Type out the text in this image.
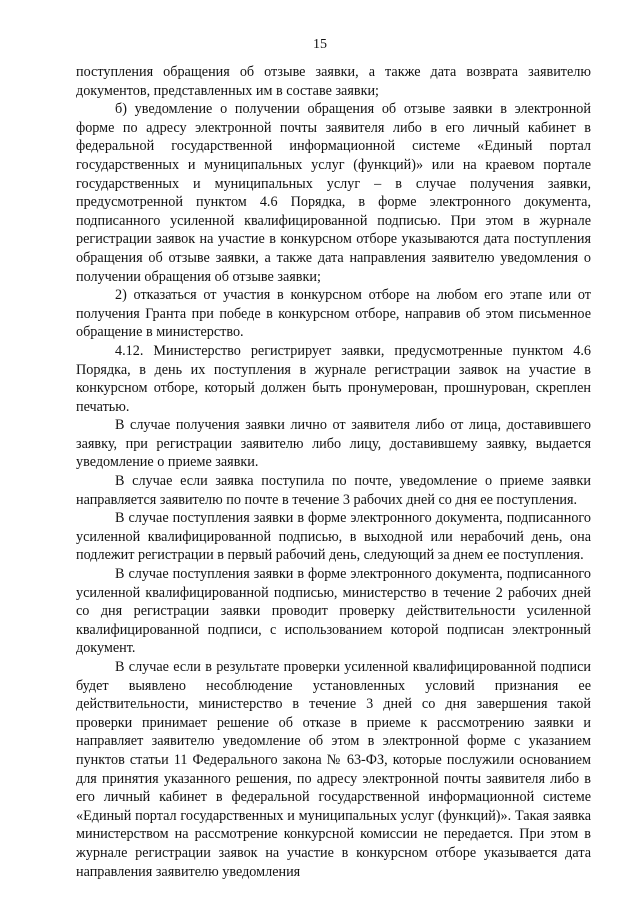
15

поступления обращения об отзыве заявки, а также дата возврата заявителю документов, представленных им в составе заявки;

б) уведомление о получении обращения об отзыве заявки в электронной форме по адресу электронной почты заявителя либо в его личный кабинет в федеральной государственной информационной системе «Единый портал государственных и муниципальных услуг (функций)» или на краевом портале государственных и муниципальных услуг – в случае получения заявки, предусмотренной пунктом 4.6 Порядка, в форме электронного документа, подписанного усиленной квалифицированной подписью. При этом в журнале регистрации заявок на участие в конкурсном отборе указываются дата поступления обращения об отзыве заявки, а также дата направления заявителю уведомления о получении обращения об отзыве заявки;

2) отказаться от участия в конкурсном отборе на любом его этапе или от получения Гранта при победе в конкурсном отборе, направив об этом письменное обращение в министерство.

4.12. Министерство регистрирует заявки, предусмотренные пунктом 4.6 Порядка, в день их поступления в журнале регистрации заявок на участие в конкурсном отборе, который должен быть пронумерован, прошнурован, скреплен печатью.

В случае получения заявки лично от заявителя либо от лица, доставившего заявку, при регистрации заявителю либо лицу, доставившему заявку, выдается уведомление о приеме заявки.

В случае если заявка поступила по почте, уведомление о приеме заявки направляется заявителю по почте в течение 3 рабочих дней со дня ее поступления.

В случае поступления заявки в форме электронного документа, подписанного усиленной квалифицированной подписью, в выходной или нерабочий день, она подлежит регистрации в первый рабочий день, следующий за днем ее поступления.

В случае поступления заявки в форме электронного документа, подписанного усиленной квалифицированной подписью, министерство в течение 2 рабочих дней со дня регистрации заявки проводит проверку действительности усиленной квалифицированной подписи, с использованием которой подписан электронный документ.

В случае если в результате проверки усиленной квалифицированной подписи будет выявлено несоблюдение установленных условий признания ее действительности, министерство в течение 3 дней со дня завершения такой проверки принимает решение об отказе в приеме к рассмотрению заявки и направляет заявителю уведомление об этом в электронной форме с указанием пунктов статьи 11 Федерального закона № 63-ФЗ, которые послужили основанием для принятия указанного решения, по адресу электронной почты заявителя либо в его личный кабинет в федеральной государственной информационной системе «Единый портал государственных и муниципальных услуг (функций)». Такая заявка министерством на рассмотрение конкурсной комиссии не передается. При этом в журнале регистрации заявок на участие в конкурсном отборе указывается дата направления заявителю уведомления
